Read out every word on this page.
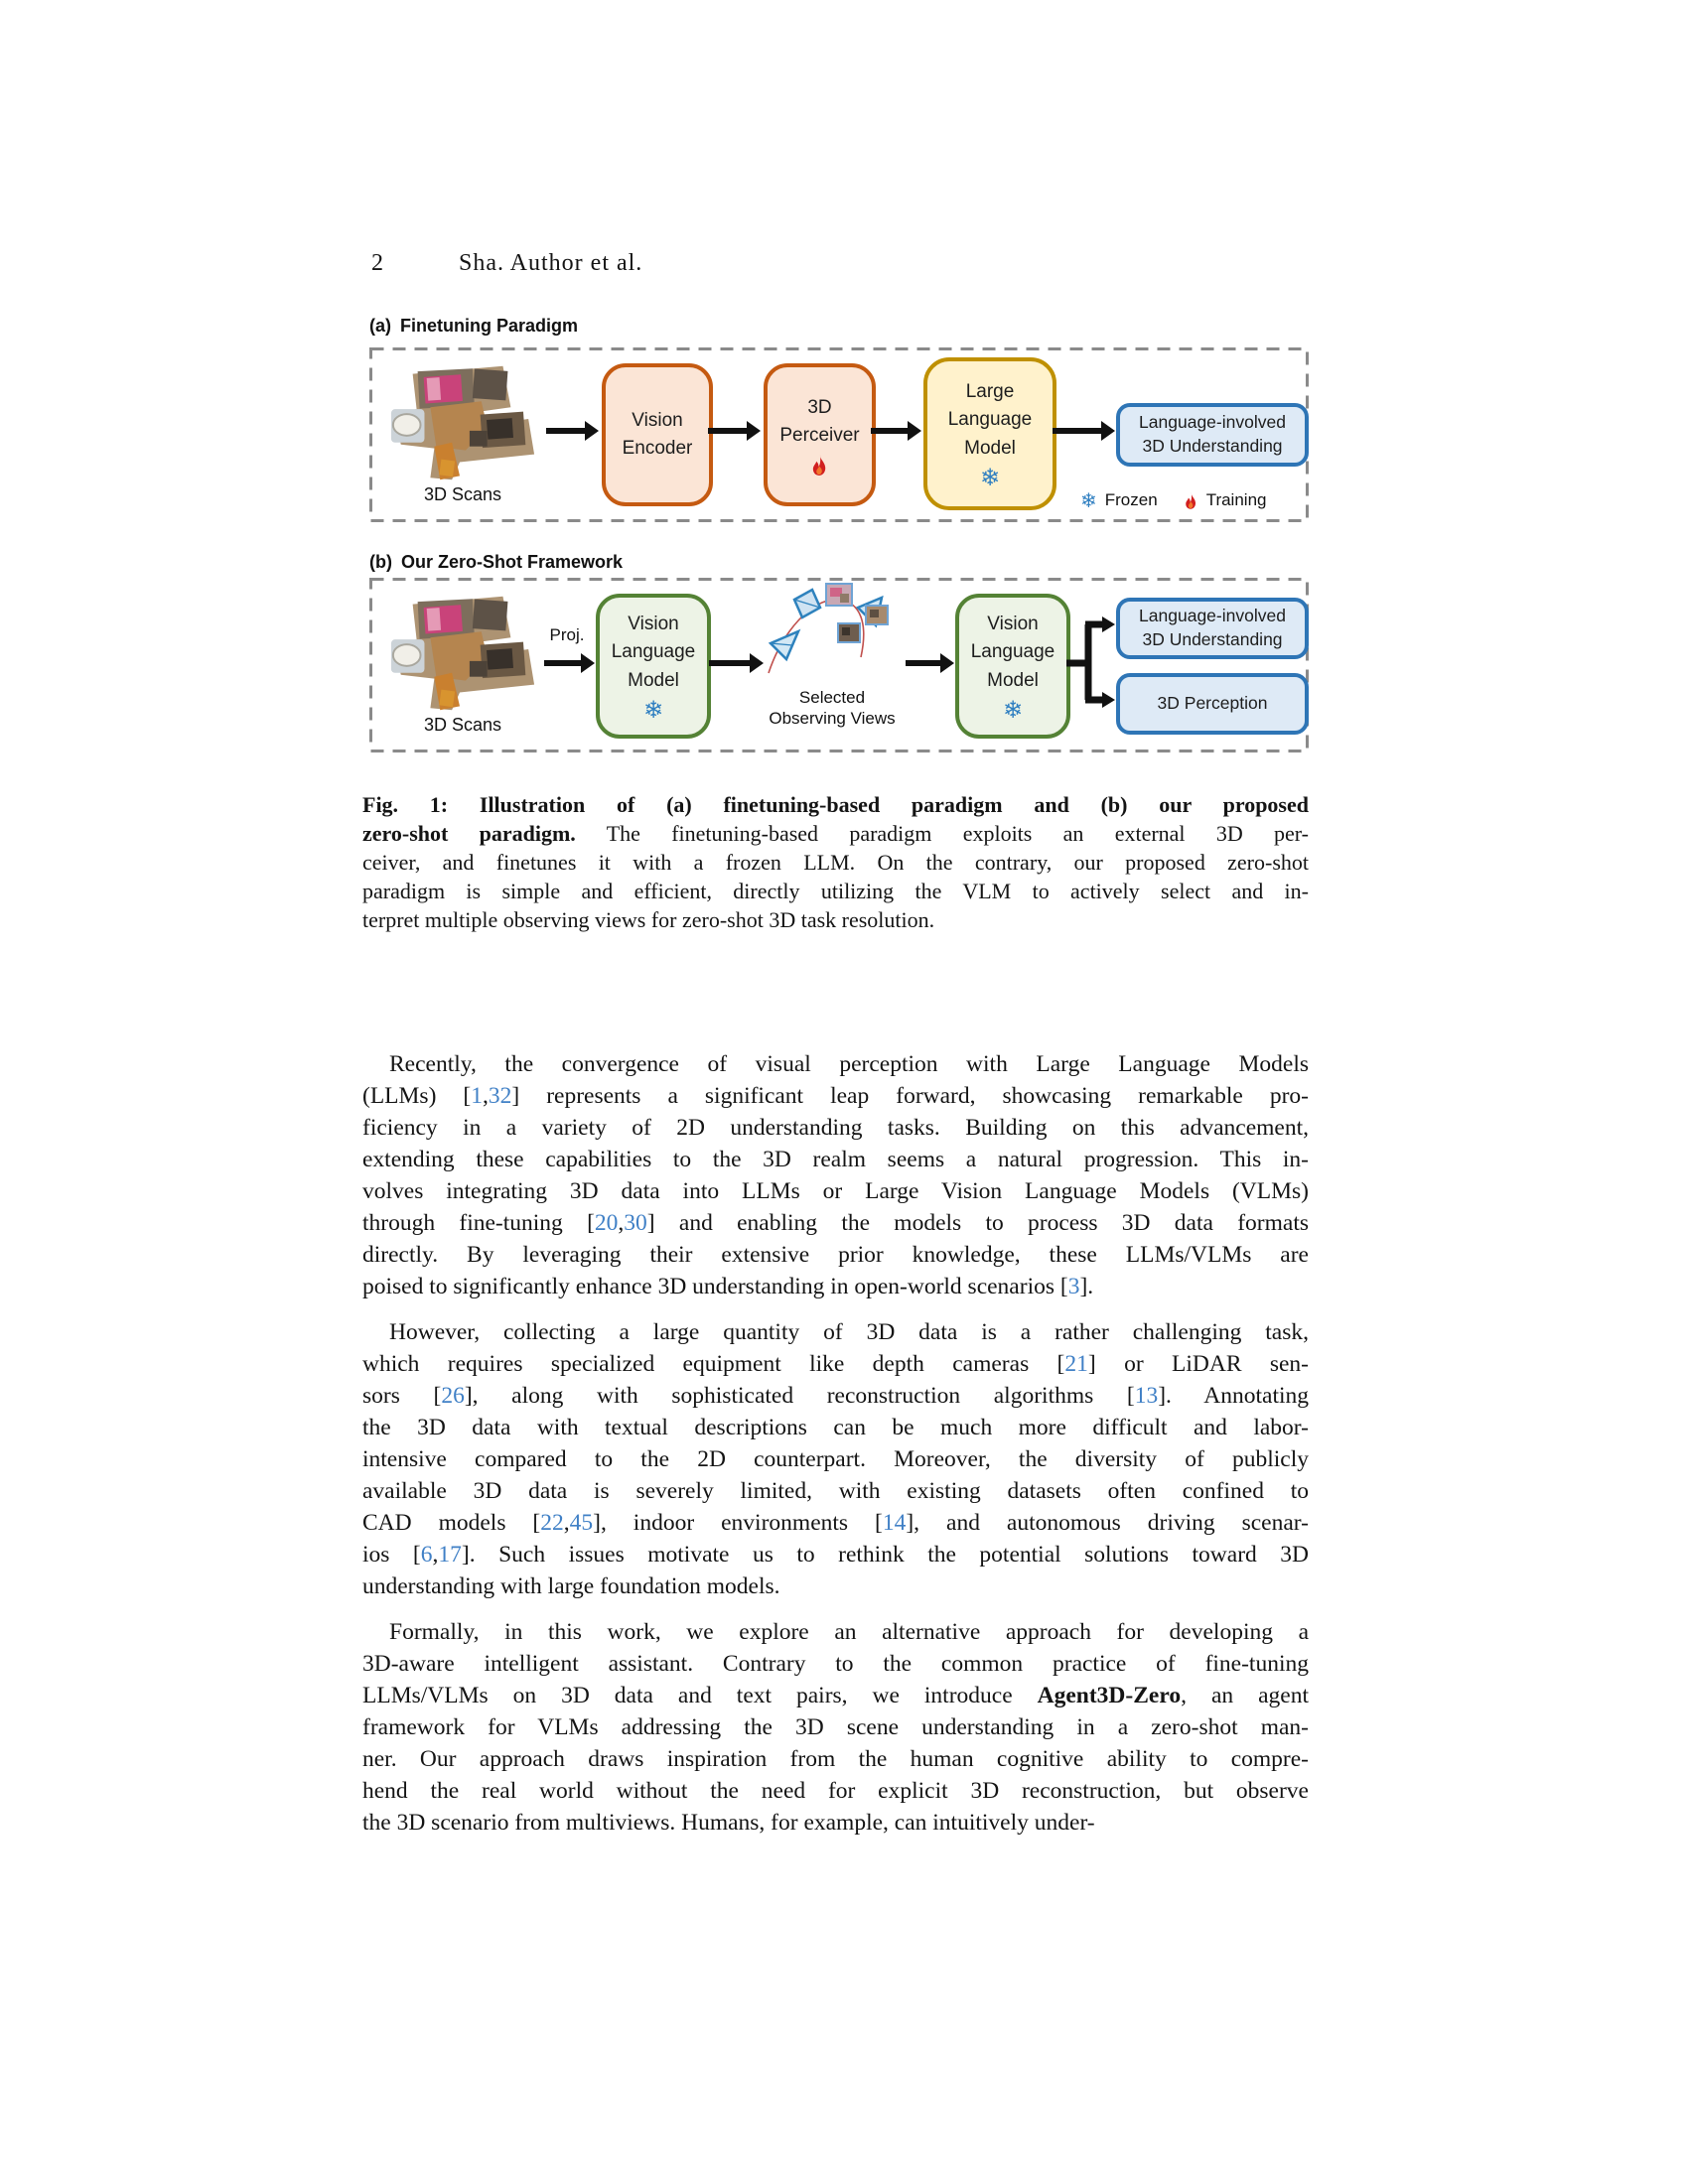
2	Sha. Author et al.
(a) Finetuning Paradigm
3D Scans
Vision
Encoder
3D
Perceiver
Large
Language
Model
❄
Language-involved
3D Understanding
❄ Frozen	Training
(b) Our Zero-Shot Framework
3D Scans
Proj.
Vision
Language
Model
❄	Selected
Observing Views
Vision
Language
Model
❄
Language-involved
3D Understanding
3D Perception
Fig. 1: Illustration of (a) finetuning-based paradigm and (b) our proposed
zero-shot paradigm. The finetuning-based paradigm exploits an external 3D per-
ceiver, and finetunes it with a frozen LLM. On the contrary, our proposed zero-shot
paradigm is simple and efficient, directly utilizing the VLM to actively select and in-
terpret multiple observing views for zero-shot 3D task resolution.
Recently, the convergence of visual perception with Large Language Models
(LLMs) [1,32] represents a significant leap forward, showcasing remarkable pro-
ficiency in a variety of 2D understanding tasks. Building on this advancement,
extending these capabilities to the 3D realm seems a natural progression. This in-
volves integrating 3D data into LLMs or Large Vision Language Models (VLMs)
through fine-tuning [20,30] and enabling the models to process 3D data formats
directly. By leveraging their extensive prior knowledge, these LLMs/VLMs are
poised to significantly enhance 3D understanding in open-world scenarios [3].
However, collecting a large quantity of 3D data is a rather challenging task,
which requires specialized equipment like depth cameras [21] or LiDAR sen-
sors [26], along with sophisticated reconstruction algorithms [13]. Annotating
the 3D data with textual descriptions can be much more difficult and labor-
intensive compared to the 2D counterpart. Moreover, the diversity of publicly
available 3D data is severely limited, with existing datasets often confined to
CAD models [22,45], indoor environments [14], and autonomous driving scenar-
ios [6,17]. Such issues motivate us to rethink the potential solutions toward 3D
understanding with large foundation models.
Formally, in this work, we explore an alternative approach for developing a
3D-aware intelligent assistant. Contrary to the common practice of fine-tuning
LLMs/VLMs on 3D data and text pairs, we introduce Agent3D-Zero, an agent
framework for VLMs addressing the 3D scene understanding in a zero-shot man-
ner. Our approach draws inspiration from the human cognitive ability to compre-
hend the real world without the need for explicit 3D reconstruction, but observe
the 3D scenario from multiviews. Humans, for example, can intuitively under-
